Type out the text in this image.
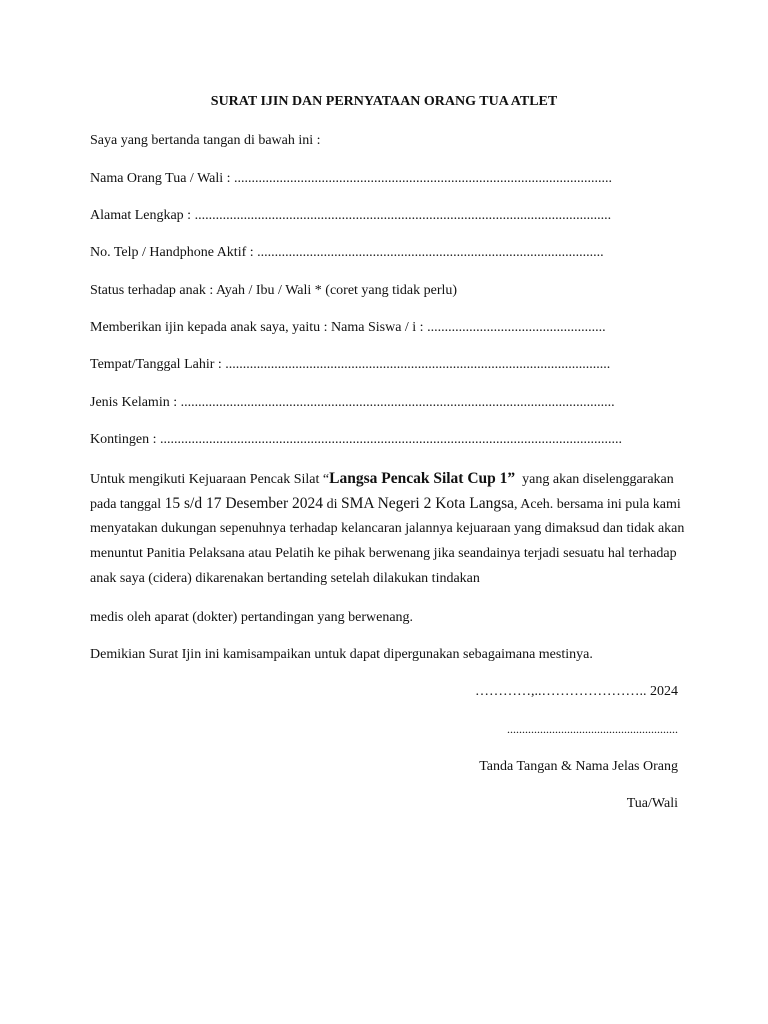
SURAT IJIN DAN PERNYATAAN ORANG TUA ATLET
Saya yang bertanda tangan di bawah ini :
Nama Orang Tua / Wali : ............................................................................................................
Alamat Lengkap : .......................................................................................................................
No. Telp / Handphone Aktif : ...................................................................................................
Status terhadap anak : Ayah / Ibu / Wali * (coret yang tidak perlu)
Memberikan ijin kepada anak saya, yaitu : Nama Siswa / i : ...................................................
Tempat/Tanggal Lahir : ..............................................................................................................
Jenis Kelamin : ............................................................................................................................
Kontingen : ....................................................................................................................................
Untuk mengikuti Kejuaraan Pencak Silat “Langsa Pencak Silat Cup 1” yang akan diselenggarakan
pada tanggal 15 s/d 17 Desember 2024 di SMA Negeri 2 Kota Langsa, Aceh. bersama ini pula kami
menyatakan dukungan sepenuhnya terhadap kelancaran jalannya kejuaraan yang dimaksud dan tidak akan
menuntut Panitia Pelaksana atau Pelatih ke pihak berwenang jika seandainya terjadi sesuatu hal terhadap
anak saya (cidera) dikarenakan bertanding setelah dilakukan tindakan
medis oleh aparat (dokter) pertandingan yang berwenang.
Demikian Surat Ijin ini kamisampaikan untuk dapat dipergunakan sebagaimana mestinya.
…………,..………………….. 2024
.........................................................
Tanda Tangan & Nama Jelas Orang
Tua/Wali
